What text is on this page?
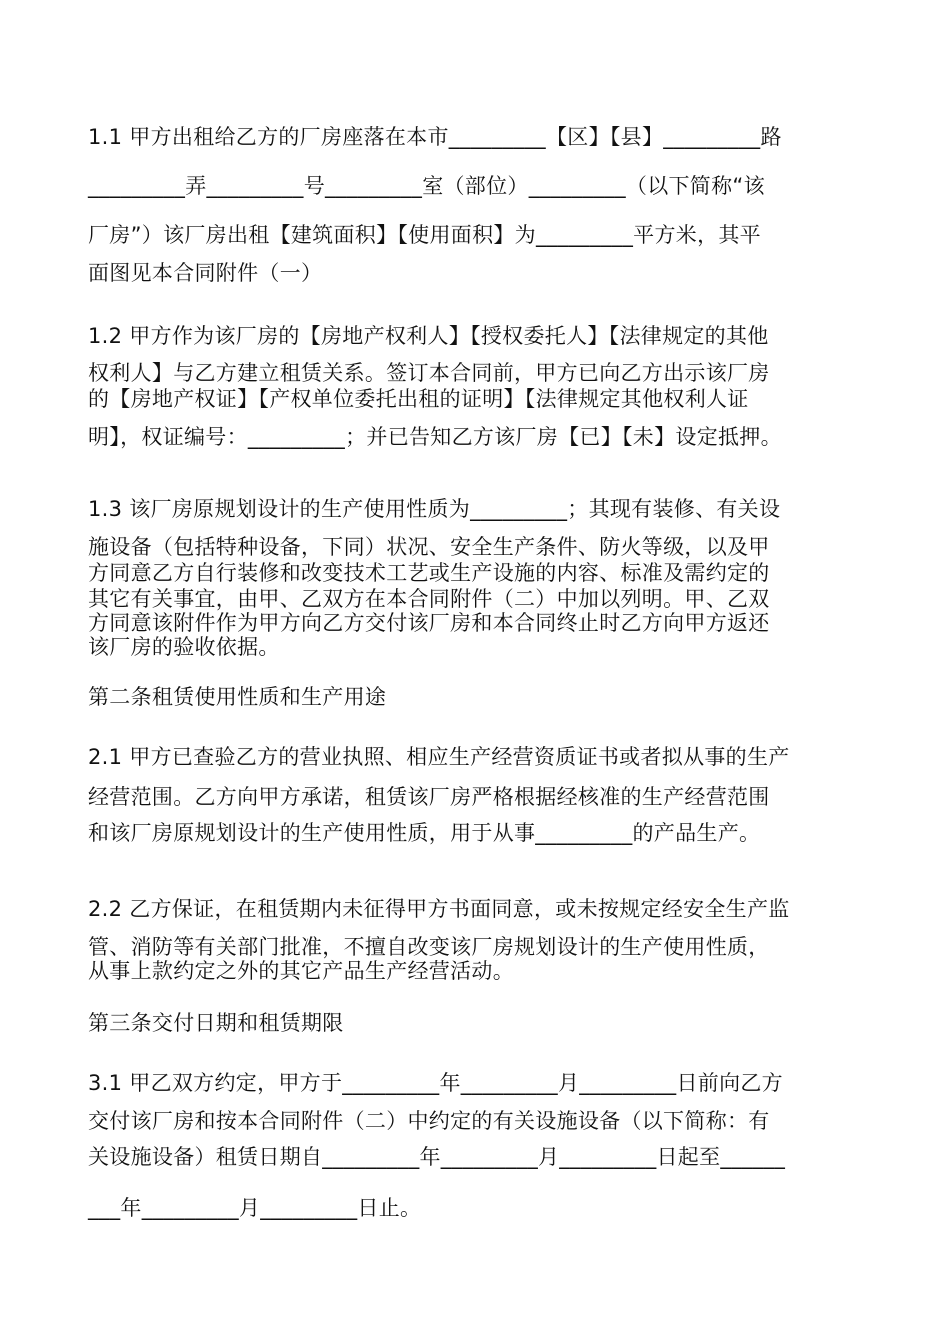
1.1 甲方出租给乙方的厂房座落在本市_________【区】【县】_________路
_________弄_________号_________室（部位）_________（以下简称“该
厂房”）该厂房出租【建筑面积】【使用面积】为_________平方米，其平
面图见本合同附件（一）
1.2 甲方作为该厂房的【房地产权利人】【授权委托人】【法律规定的其他
权利人】与乙方建立租赁关系。签订本合同前，甲方已向乙方出示该厂房
的【房地产权证】【产权单位委托出租的证明】【法律规定其他权利人证
明】，权证编号：_________；并已告知乙方该厂房【已】【未】设定抵押。
1.3 该厂房原规划设计的生产使用性质为_________；其现有装修、有关设
施设备（包括特种设备，下同）状况、安全生产条件、防火等级，以及甲
方同意乙方自行装修和改变技术工艺或生产设施的内容、标准及需约定的
其它有关事宜，由甲、乙双方在本合同附件（二）中加以列明。甲、乙双
方同意该附件作为甲方向乙方交付该厂房和本合同终止时乙方向甲方返还
该厂房的验收依据。
第二条租赁使用性质和生产用途
2.1 甲方已查验乙方的营业执照、相应生产经营资质证书或者拟从事的生产
经营范围。乙方向甲方承诺，租赁该厂房严格根据经核准的生产经营范围
和该厂房原规划设计的生产使用性质，用于从事_________的产品生产。
2.2 乙方保证，在租赁期内未征得甲方书面同意，或未按规定经安全生产监
管、消防等有关部门批准，不擅自改变该厂房规划设计的生产使用性质，
从事上款约定之外的其它产品生产经营活动。
第三条交付日期和租赁期限
3.1 甲乙双方约定，甲方于_________年_________月_________日前向乙方
交付该厂房和按本合同附件（二）中约定的有关设施设备（以下简称：有
关设施设备）租赁日期自_________年_________月_________日起至______
___年_________月_________日止。
